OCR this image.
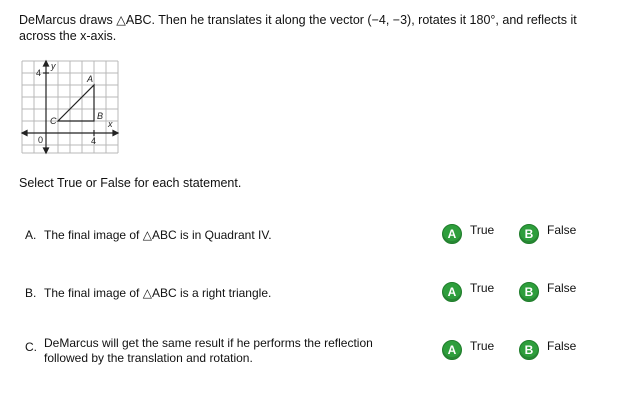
DeMarcus draws △ABC. Then he translates it along the vector (−4, −3), rotates it 180°, and reflects it
across the x-axis.
y
x
4
4
0
A
B
C
Select True or False for each statement.
A. The final image of △ABC is in Quadrant IV.	A	True	B	False
B. The final image of △ABC is a right triangle.	A	True	B	False
C. DeMarcus will get the same result if he performs the reflection
followed by the translation and rotation.
A	True	B	False
